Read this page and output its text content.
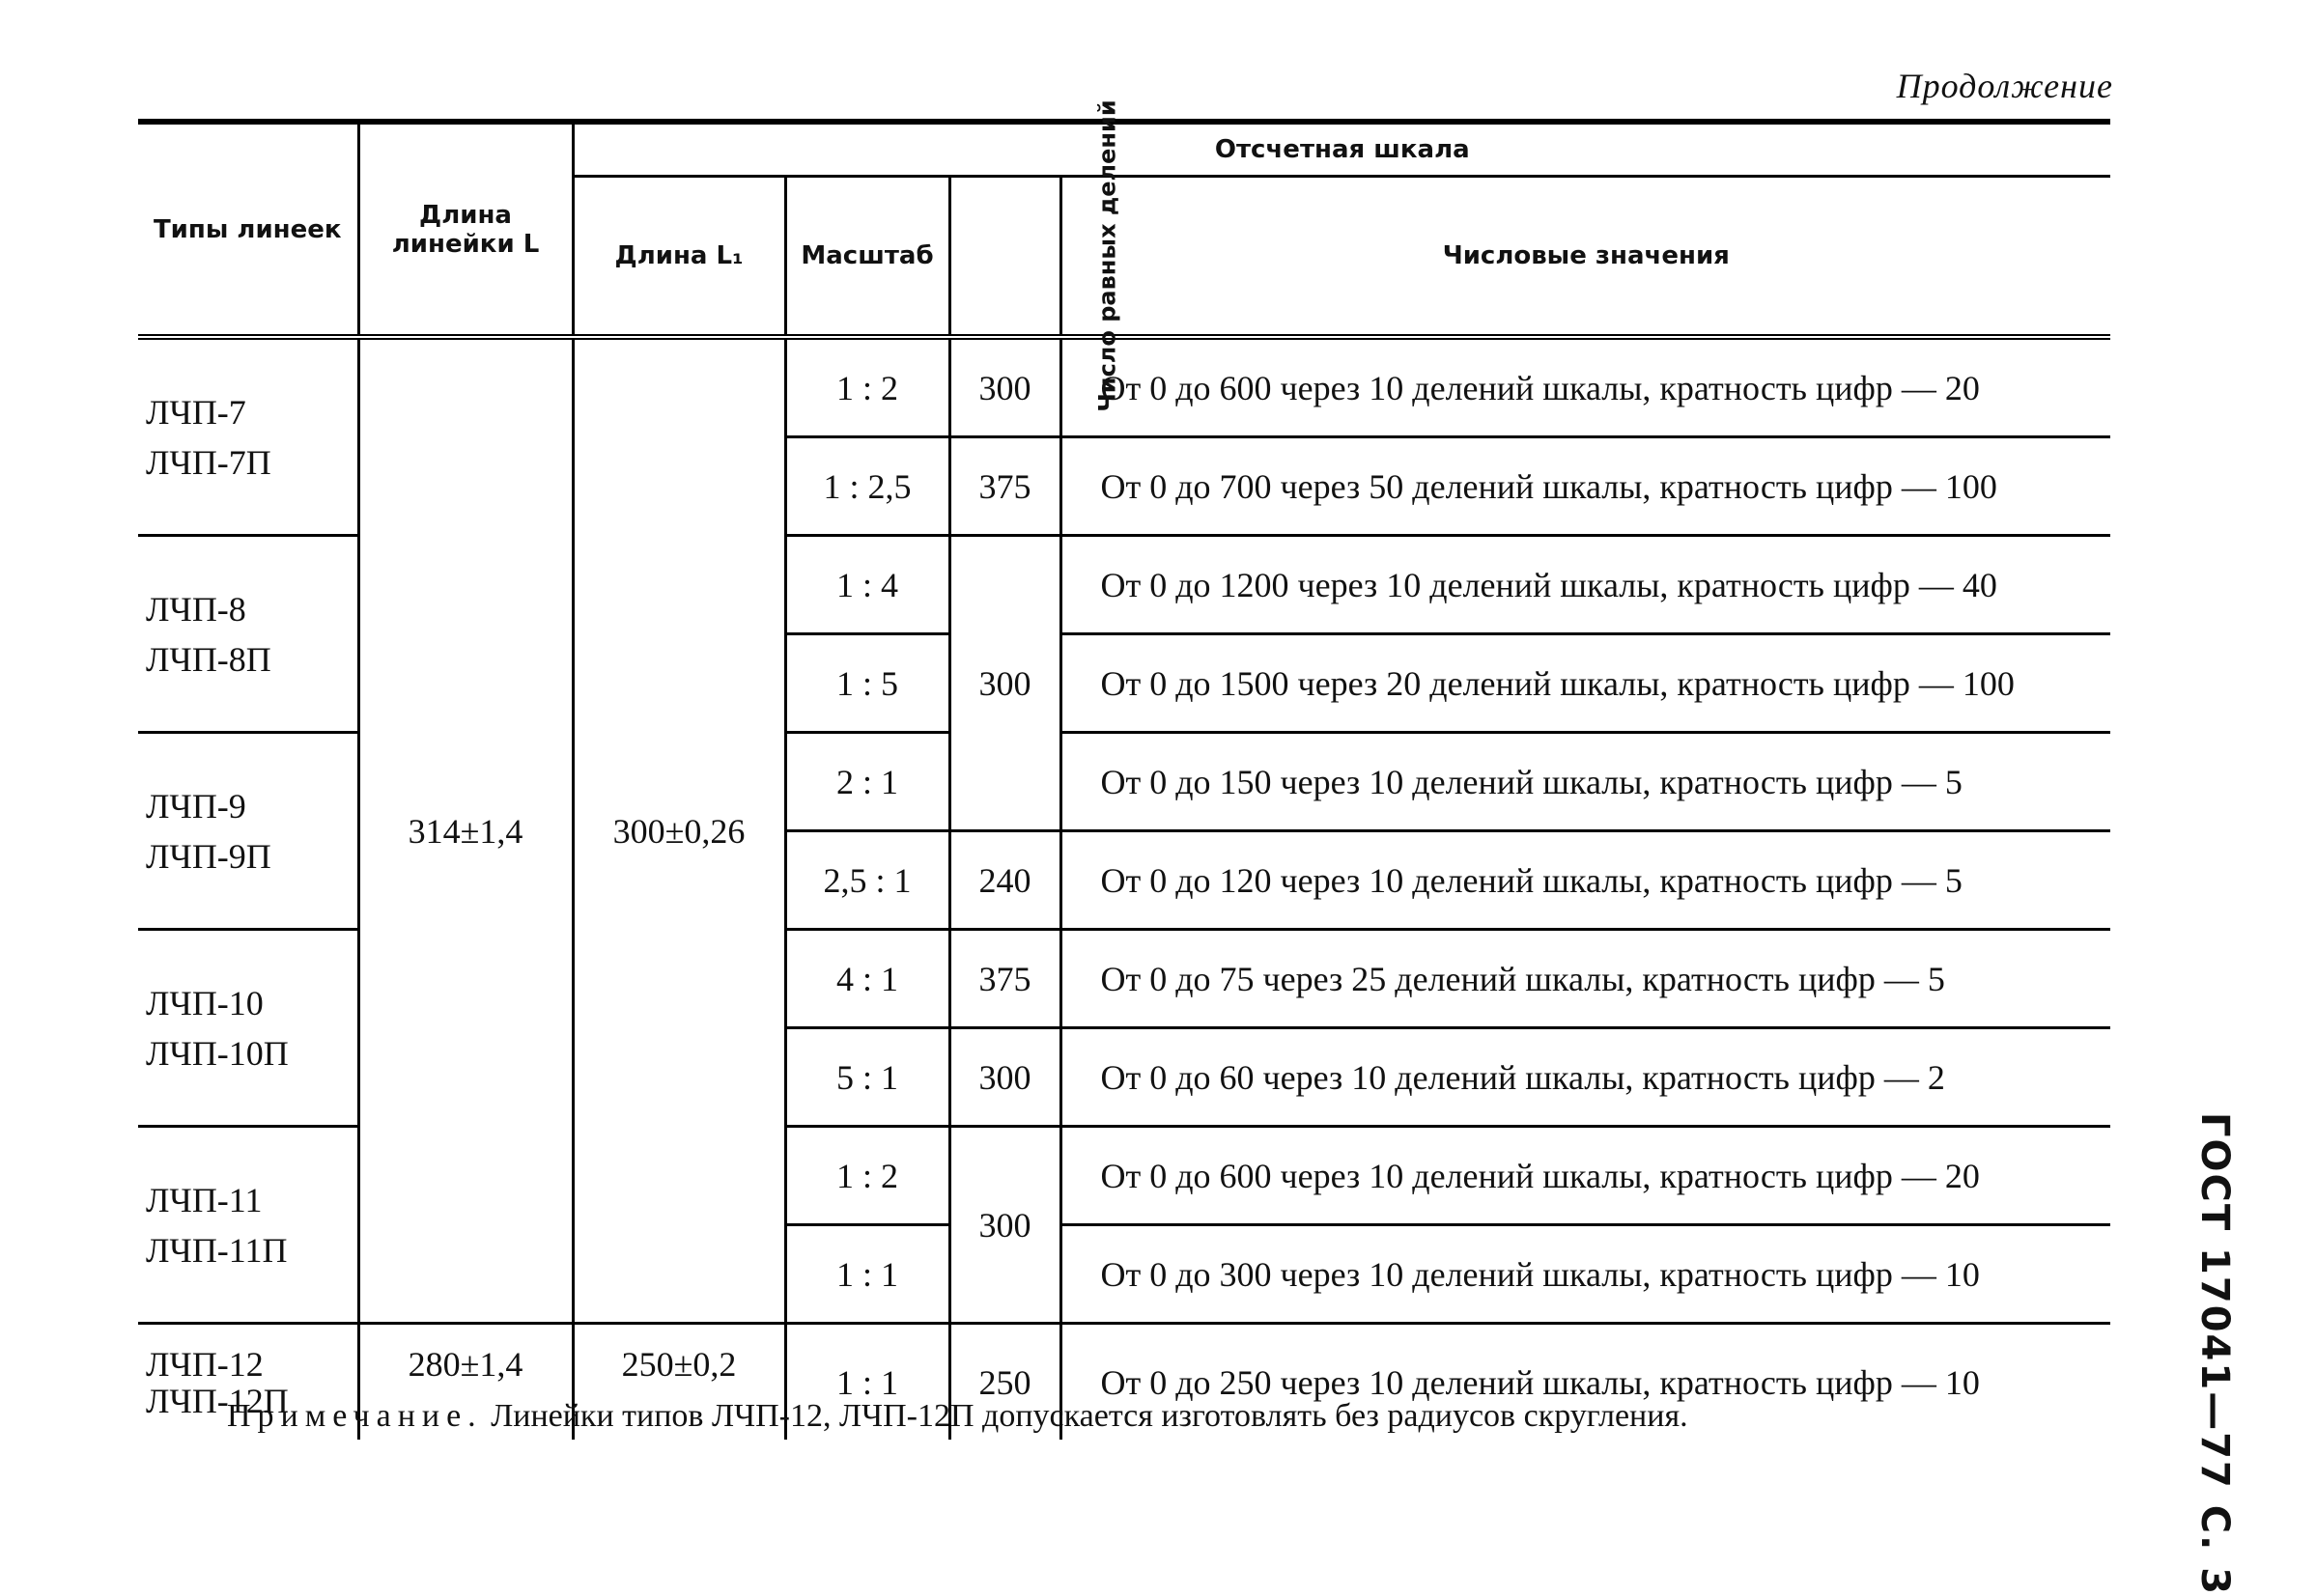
Продолжение
Типы линеек	Длина линейки L	Отсчетная шкала			
		Длина L₁	Масштаб	Число равных делений	Числовые значения

ЛЧП-7
ЛЧП-7П	314±1,4	300±0,26	1 : 2	300	От 0 до 600 через 10 делений шкалы, кратность цифр — 20
			1 : 2,5	375	От 0 до 700 через 50 делений шкалы, кратность цифр — 100

ЛЧП-8
ЛЧП-8П			1 : 4	300	От 0 до 1200 через 10 делений шкалы, кратность цифр — 40
			1 : 5		От 0 до 1500 через 20 делений шкалы, кратность цифр — 100

ЛЧП-9
ЛЧП-9П			2 : 1		От 0 до 150 через 10 делений шкалы, кратность цифр — 5
			2,5 : 1	240	От 0 до 120 через 10 делений шкалы, кратность цифр — 5

ЛЧП-10
ЛЧП-10П			4 : 1	375	От 0 до 75 через 25 делений шкалы, кратность цифр — 5
			5 : 1	300	От 0 до 60 через 10 делений шкалы, кратность цифр — 2

ЛЧП-11
ЛЧП-11П			1 : 2	300	От 0 до 600 через 10 делений шкалы, кратность цифр — 20
			1 : 1		От 0 до 300 через 10 делений шкалы, кратность цифр — 10

ЛЧП-12
ЛЧП-12П	280±1,4	250±0,2	1 : 1	250	От 0 до 250 через 10 делений шкалы, кратность цифр — 10
Примечание. Линейки типов ЛЧП-12, ЛЧП-12П допускается изготовлять без радиусов скругления.	ГОСТ 17041—77 С. 3
